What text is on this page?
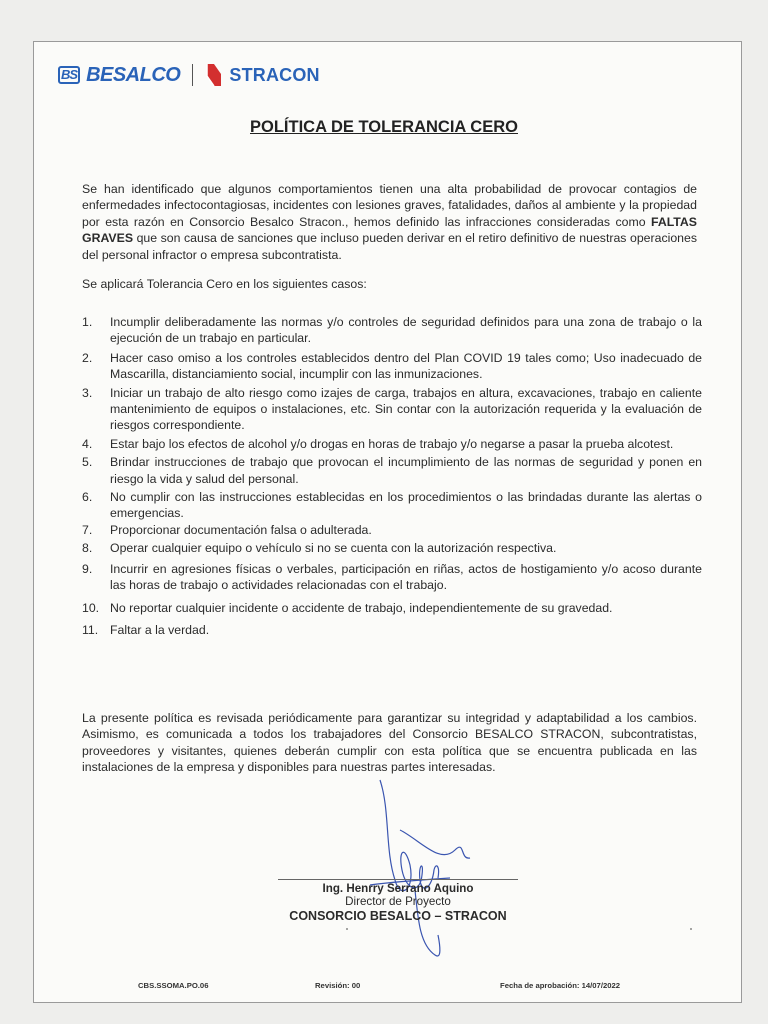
BS BESALCO	STRACON
POLÍTICA DE TOLERANCIA CERO
Se han identificado que algunos comportamientos tienen una alta probabilidad de provocar contagios de enfermedades infectocontagiosas, incidentes con lesiones graves, fatalidades, daños al ambiente y la propiedad por esta razón en Consorcio Besalco Stracon., hemos definido las infracciones consideradas como FALTAS GRAVES que son causa de sanciones que incluso pueden derivar en el retiro definitivo de nuestras operaciones del personal infractor o empresa subcontratista.
Se aplicará Tolerancia Cero en los siguientes casos:
1. Incumplir deliberadamente las normas y/o controles de seguridad definidos para una zona de trabajo o la ejecución de un trabajo en particular.
2. Hacer caso omiso a los controles establecidos dentro del Plan COVID 19 tales como; Uso inadecuado de Mascarilla, distanciamiento social, incumplir con las inmunizaciones.
3. Iniciar un trabajo de alto riesgo como izajes de carga, trabajos en altura, excavaciones, trabajo en caliente mantenimiento de equipos o instalaciones, etc. Sin contar con la autorización requerida y la evaluación de riesgos correspondiente.
4. Estar bajo los efectos de alcohol y/o drogas en horas de trabajo y/o negarse a pasar la prueba alcotest.
5. Brindar instrucciones de trabajo que provocan el incumplimiento de las normas de seguridad y ponen en riesgo la vida y salud del personal.
6. No cumplir con las instrucciones establecidas en los procedimientos o las brindadas durante las alertas o emergencias.
7. Proporcionar documentación falsa o adulterada.
8. Operar cualquier equipo o vehículo si no se cuenta con la autorización respectiva.
9. Incurrir en agresiones físicas o verbales, participación en riñas, actos de hostigamiento y/o acoso durante las horas de trabajo o actividades relacionadas con el trabajo.
10. No reportar cualquier incidente o accidente de trabajo, independientemente de su gravedad.
11. Faltar a la verdad.
La presente política es revisada periódicamente para garantizar su integridad y adaptabilidad a los cambios. Asimismo, es comunicada a todos los trabajadores del Consorcio BESALCO STRACON, subcontratistas, proveedores y visitantes, quienes deberán cumplir con esta política que se encuentra publicada en las instalaciones de la empresa y disponibles para nuestras partes interesadas.
Ing. Henrry Serrano Aquino
Director de Proyecto
CONSORCIO BESALCO – STRACON
CBS.SSOMA.PO.06	Revisión: 00	Fecha de aprobación: 14/07/2022
